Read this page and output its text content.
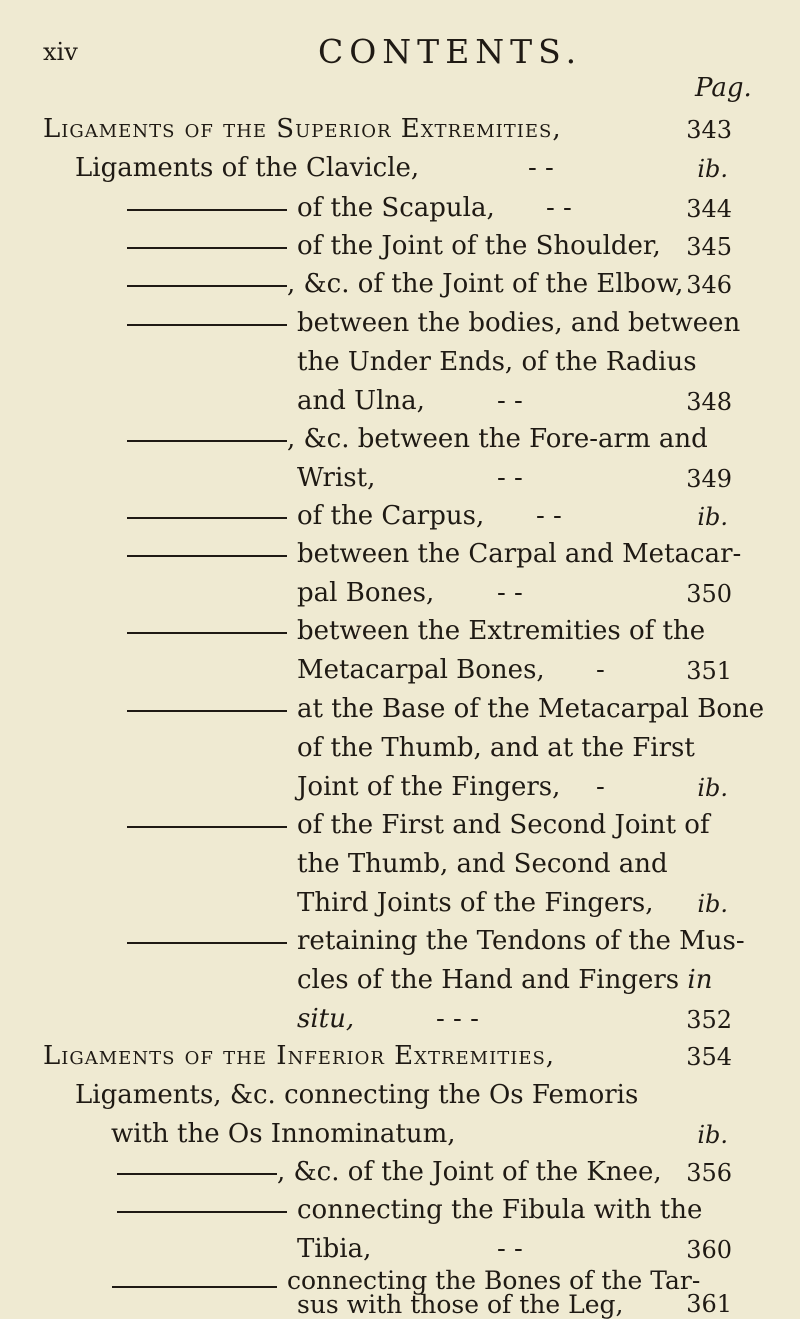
xiv	CONTENTS.
Pag.
Ligaments of the Superior Extremities,	343
Ligaments of the Clavicle,	- -	ib.
of the Scapula, - -	344
of the Joint of the Shoulder,	345
, &c. of the Joint of the Elbow, 346
between the bodies, and between
the Under Ends, of the Radius
and Ulna,	- -	348
, &c. between the Fore-arm and
Wrist,	- -	349
of the Carpus, - -	ib.
between the Carpal and Metacar-
pal Bones, - -	350
between the Extremities of the
Metacarpal Bones, -	351
at the Base of the Metacarpal Bone
of the Thumb, and at the First
Joint of the Fingers, -	ib.
of the First and Second Joint of
the Thumb, and Second and
Third Joints of the Fingers,	ib.
retaining the Tendons of the Mus-
cles of the Hand and Fingers in
situ,	- - -	352
Ligaments of the Inferior Extremities,	354
Ligaments, &c. connecting the Os Femoris
with the Os Innominatum,	ib.
, &c. of the Joint of the Knee,	356
connecting the Fibula with the
Tibia,	- -	360
connecting the Bones of the Tar-
sus with those of the Leg,	361
